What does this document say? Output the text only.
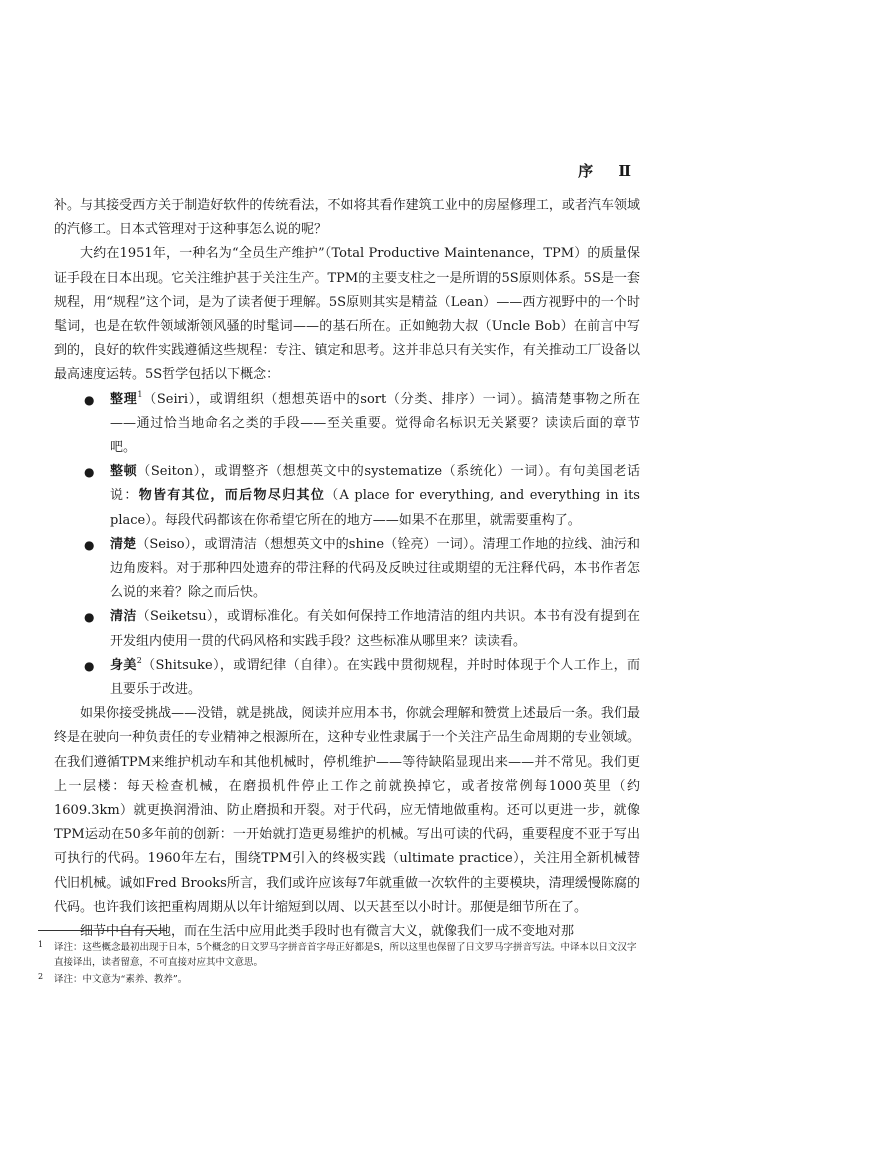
序 Ⅱ

补。与其接受西方关于制造好软件的传统看法，不如将其看作建筑工业中的房屋修理工，或者汽车领域的汽修工。日本式管理对于这种事怎么说的呢？

大约在1951年，一种名为“全员生产维护”（Total Productive Maintenance，TPM）的质量保证手段在日本出现。它关注维护甚于关注生产。TPM的主要支柱之一是所谓的5S原则体系。5S是一套规程，用“规程”这个词，是为了读者便于理解。5S原则其实是精益（Lean）——西方视野中的一个时髦词，也是在软件领域渐领风骚的时髦词——的基石所在。正如鲍勃大叔（Uncle Bob）在前言中写到的，良好的软件实践遵循这些规程：专注、镇定和思考。这并非总只有关实作，有关推动工厂设备以最高速度运转。5S哲学包括以下概念：

● 整理$^1$（Seiri），或谓组织（想想英语中的sort（分类、排序）一词）。搞清楚事物之所在——通过恰当地命名之类的手段——至关重要。觉得命名标识无关紧要？读读后面的章节吧。
● 整顿（Seiton），或谓整齐（想想英文中的systematize（系统化）一词）。有句美国老话说：物皆有其位，而后物尽归其位（A place for everything, and everything in its place）。每段代码都该在你希望它所在的地方——如果不在那里，就需要重构了。
● 清楚（Seiso），或谓清洁（想想英文中的shine（铨亮）一词）。清理工作地的拉线、油污和边角废料。对于那种四处遗弃的带注释的代码及反映过往或期望的无注释代码，本书作者怎么说的来着？除之而后快。
● 清洁（Seiketsu），或谓标准化。有关如何保持工作地清洁的组内共识。本书有没有提到在开发组内使用一贯的代码风格和实践手段？这些标准从哪里来？读读看。
● 身美$^2$（Shitsuke），或谓纪律（自律）。在实践中贯彻规程，并时时体现于个人工作上，而且要乐于改进。

如果你接受挑战——没错，就是挑战，阅读并应用本书，你就会理解和赞赏上述最后一条。我们最终是在驶向一种负责任的专业精神之根源所在，这种专业性隶属于一个关注产品生命周期的专业领域。在我们遵循TPM来维护机动车和其他机械时，停机维护——等待缺陷显现出来——并不常见。我们更上一层楼：每天检查机械，在磨损机件停止工作之前就换掉它，或者按常例每1000英里（约1609.3km）就更换润滑油、防止磨损和开裂。对于代码，应无情地做重构。还可以更进一步，就像TPM运动在50多年前的创新：一开始就打造更易维护的机械。写出可读的代码，重要程度不亚于写出可执行的代码。1960年左右，围绕TPM引入的终极实践（ultimate practice），关注用全新机械替代旧机械。诚如Fred Brooks所言，我们或许应该每7年就重做一次软件的主要模块，清理缓慢陈腐的代码。也许我们该把重构周期从以年计缩短到以周、以天甚至以小时计。那便是细节所在了。

细节中自有天地，而在生活中应用此类手段时也有微言大义，就像我们一成不变地对那

1 译注：这些概念最初出现于日本，5个概念的日文罗马字拼音首字母正好都是S，所以这里也保留了日文罗马字拼音写法。中译本以日文汉字直接译出，读者留意，不可直接对应其中文意思。

2 译注：中文意为“素养、教养”。
